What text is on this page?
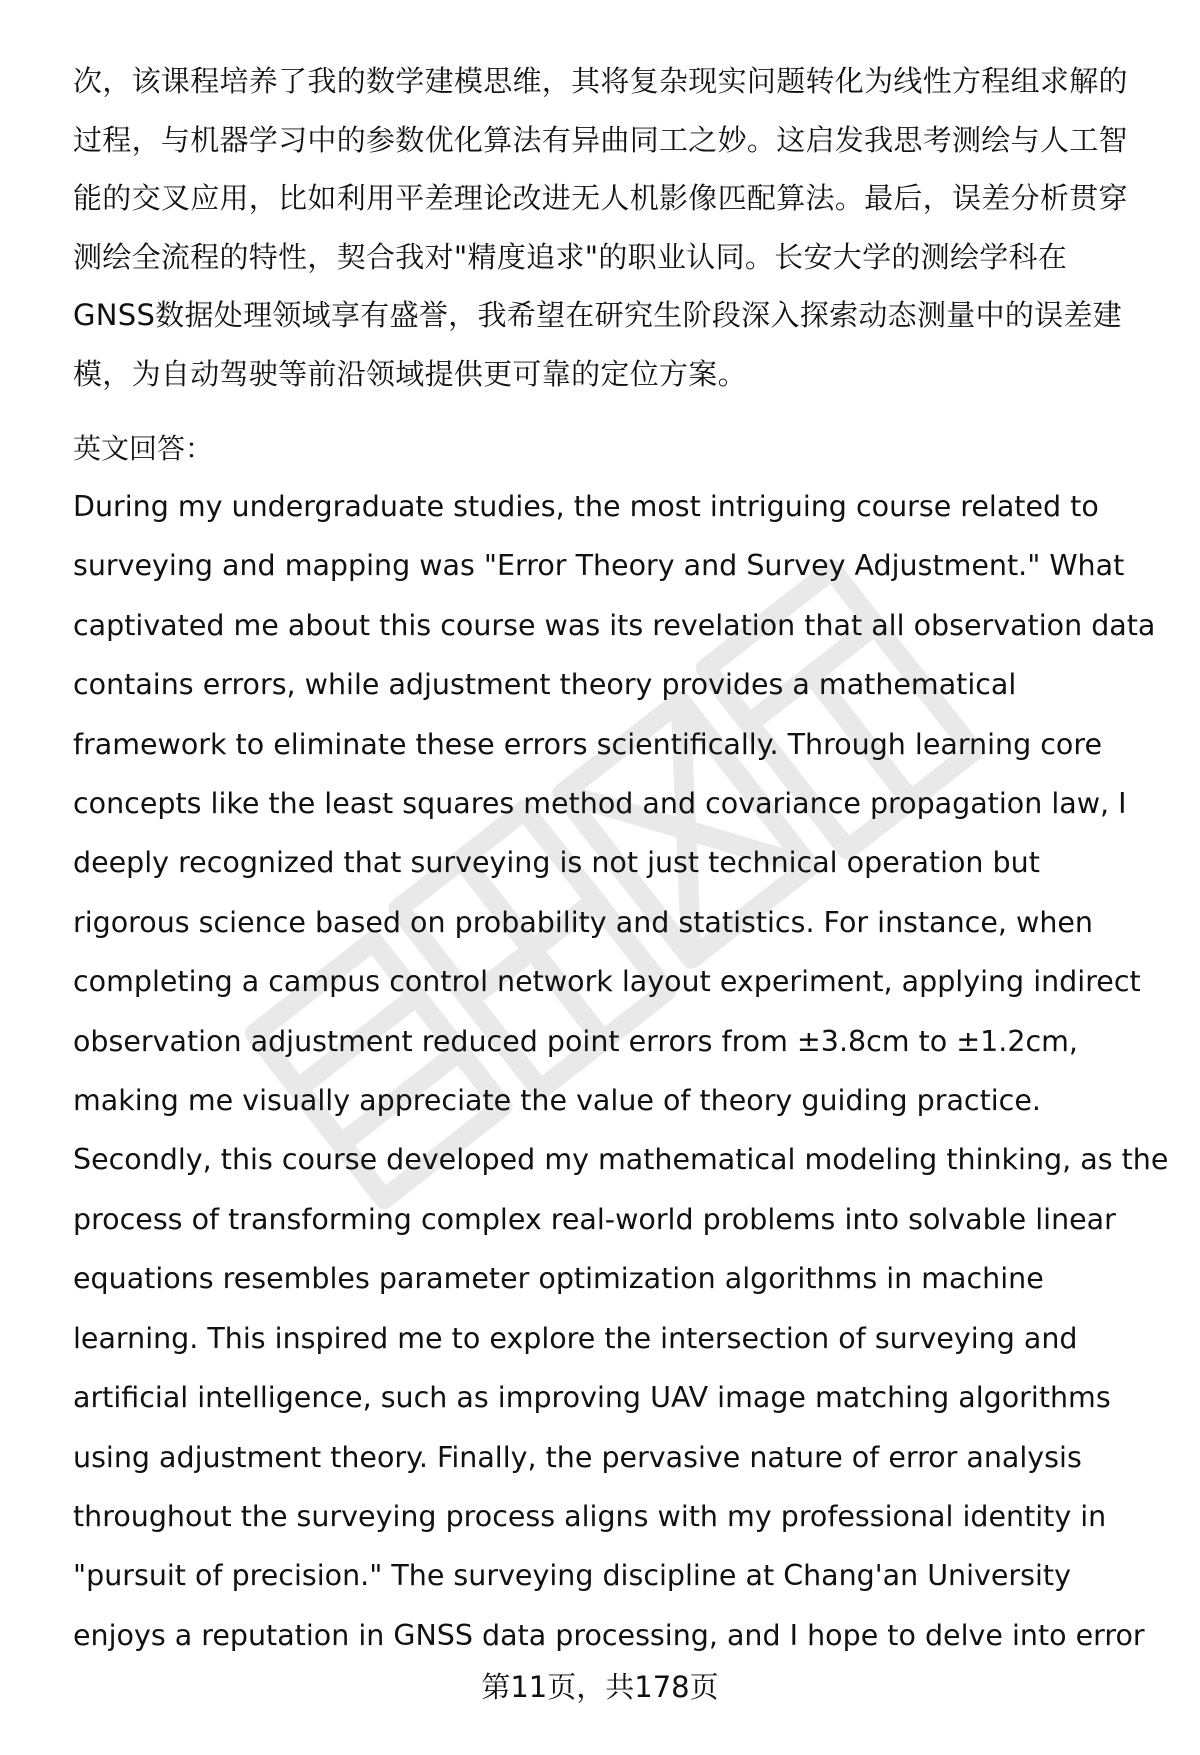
次，该课程培养了我的数学建模思维，其将复杂现实问题转化为线性方程组求解的
过程，与机器学习中的参数优化算法有异曲同工之妙。这启发我思考测绘与人工智
能的交叉应用，比如利用平差理论改进无人机影像匹配算法。最后，误差分析贯穿
测绘全流程的特性，契合我对"精度追求"的职业认同。长安大学的测绘学科在
GNSS数据处理领域享有盛誉，我希望在研究生阶段深入探索动态测量中的误差建
模，为自动驾驶等前沿领域提供更可靠的定位方案。

英文回答：

During my undergraduate studies, the most intriguing course related to
surveying and mapping was "Error Theory and Survey Adjustment." What
captivated me about this course was its revelation that all observation data
contains errors, while adjustment theory provides a mathematical
framework to eliminate these errors scientifically. Through learning core
concepts like the least squares method and covariance propagation law, I
deeply recognized that surveying is not just technical operation but
rigorous science based on probability and statistics. For instance, when
completing a campus control network layout experiment, applying indirect
observation adjustment reduced point errors from ±3.8cm to ±1.2cm,
making me visually appreciate the value of theory guiding practice.
Secondly, this course developed my mathematical modeling thinking, as the
process of transforming complex real-world problems into solvable linear
equations resembles parameter optimization algorithms in machine
learning. This inspired me to explore the intersection of surveying and
artificial intelligence, such as improving UAV image matching algorithms
using adjustment theory. Finally, the pervasive nature of error analysis
throughout the surveying process aligns with my professional identity in
"pursuit of precision." The surveying discipline at Chang'an University
enjoys a reputation in GNSS data processing, and I hope to delve into error

第11页，共178页
